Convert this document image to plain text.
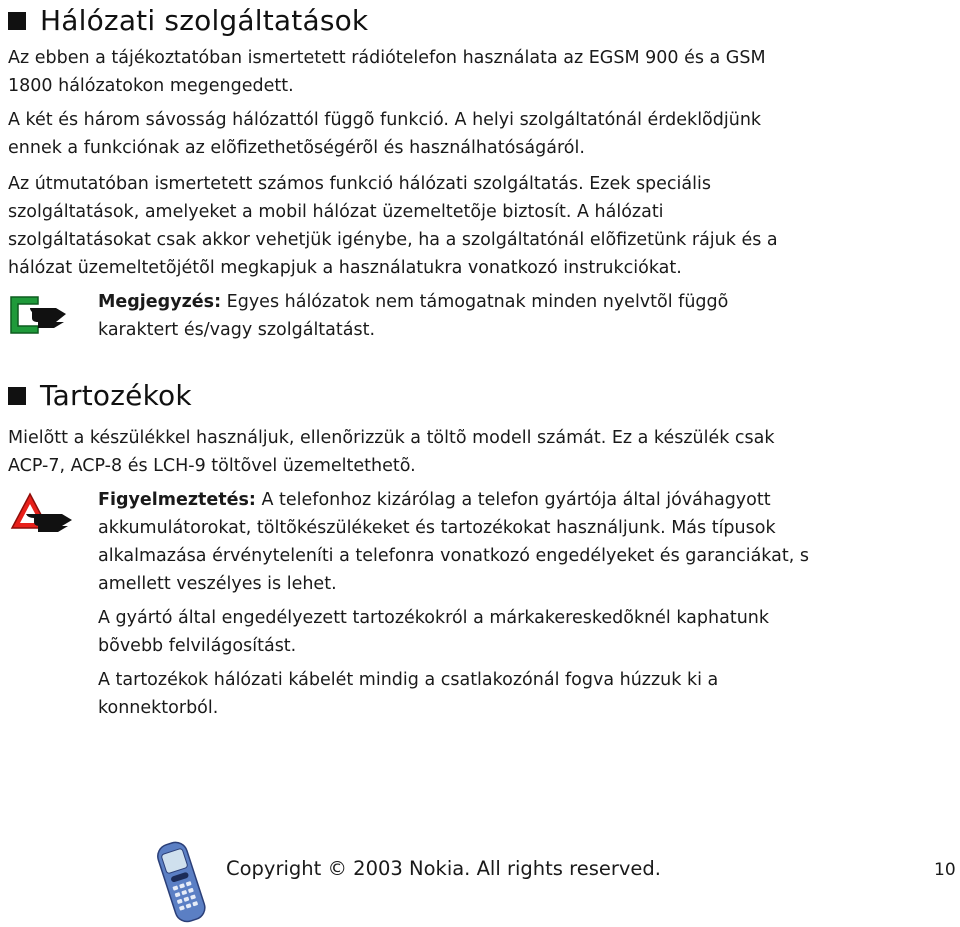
Hálózati szolgáltatások
Az ebben a tájékoztatóban ismertetett rádiótelefon használata az EGSM 900 és a GSM 1800 hálózatokon megengedett.
A két és három sávosság hálózattól függõ funkció. A helyi szolgáltatónál érdeklõdjünk ennek a funkciónak az elõfizethetõségérõl és használhatóságáról.
Az útmutatóban ismertetett számos funkció hálózati szolgáltatás. Ezek speciális szolgáltatások, amelyeket a mobil hálózat üzemeltetõje biztosít. A hálózati szolgáltatásokat csak akkor vehetjük igénybe, ha a szolgáltatónál elõfizetünk rájuk és a hálózat üzemeltetõjétõl megkapjuk a használatukra vonatkozó instrukciókat.
Megjegyzés: Egyes hálózatok nem támogatnak minden nyelvtõl függõ karaktert és/vagy szolgáltatást.
Tartozékok
Mielõtt a készülékkel használjuk, ellenõrizzük a töltõ modell számát. Ez a készülék csak ACP-7, ACP-8 és LCH-9 töltõvel üzemeltethetõ.
Figyelmeztetés: A telefonhoz kizárólag a telefon gyártója által jóváhagyott akkumulátorokat, töltõkészülékeket és tartozékokat használjunk. Más típusok alkalmazása érvényteleníti a telefonra vonatkozó engedélyeket és garanciákat, s amellett veszélyes is lehet.
A gyártó által engedélyezett tartozékokról a márkakereskedõknél kaphatunk bõvebb felvilágosítást.
A tartozékok hálózati kábelét mindig a csatlakozónál fogva húzzuk ki a konnektorból.
Copyright © 2003 Nokia. All rights reserved.	10
